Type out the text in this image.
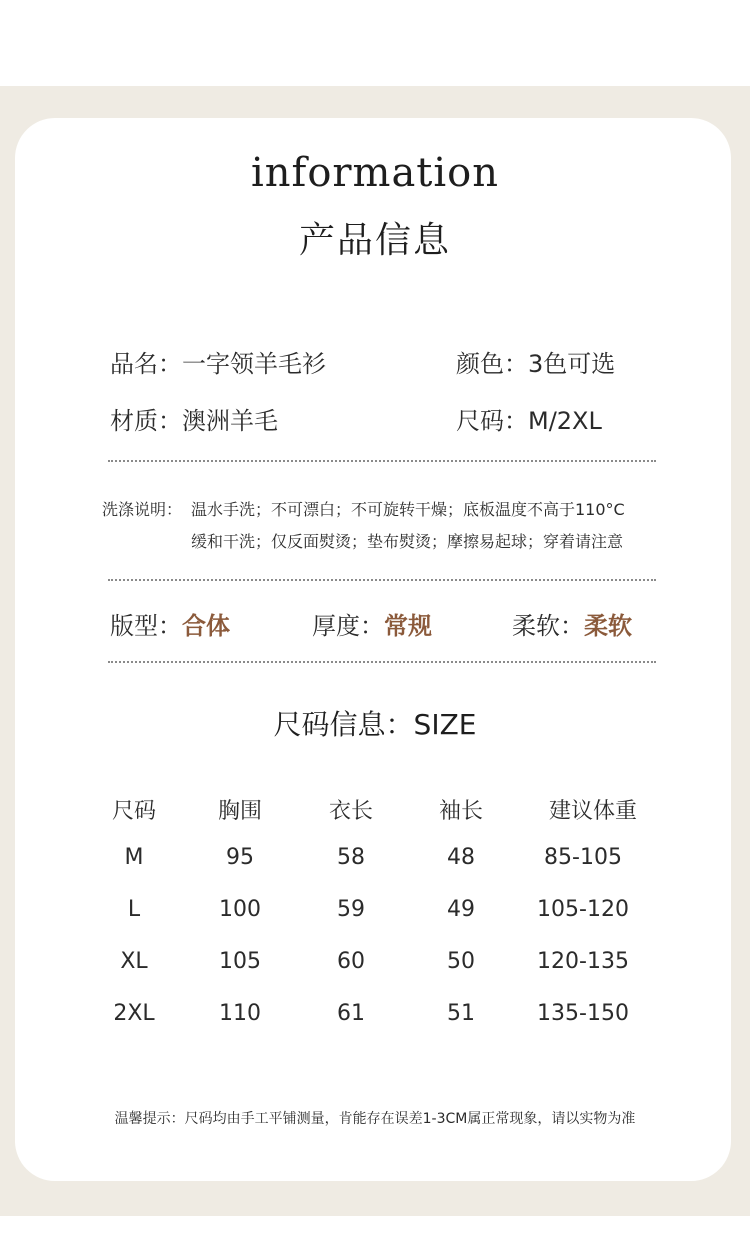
information
产品信息
品名：一字领羊毛衫	颜色：3色可选
材质：澳洲羊毛	尺码：M/2XL
洗涤说明： 温水手洗；不可漂白；不可旋转干燥；底板温度不高于110°C
缓和干洗；仅反面熨烫；垫布熨烫；摩擦易起球；穿着请注意
版型：合体	厚度：常规	柔软：柔软
尺码信息：SIZE
尺码	胸围	衣长	袖长	建议体重
M	95	58	48	85-105
L	100	59	49	105-120
XL	105	60	50	120-135
2XL	110	61	51	135-150
温馨提示：尺码均由手工平铺测量，肯能存在误差1-3CM属正常现象，请以实物为准
